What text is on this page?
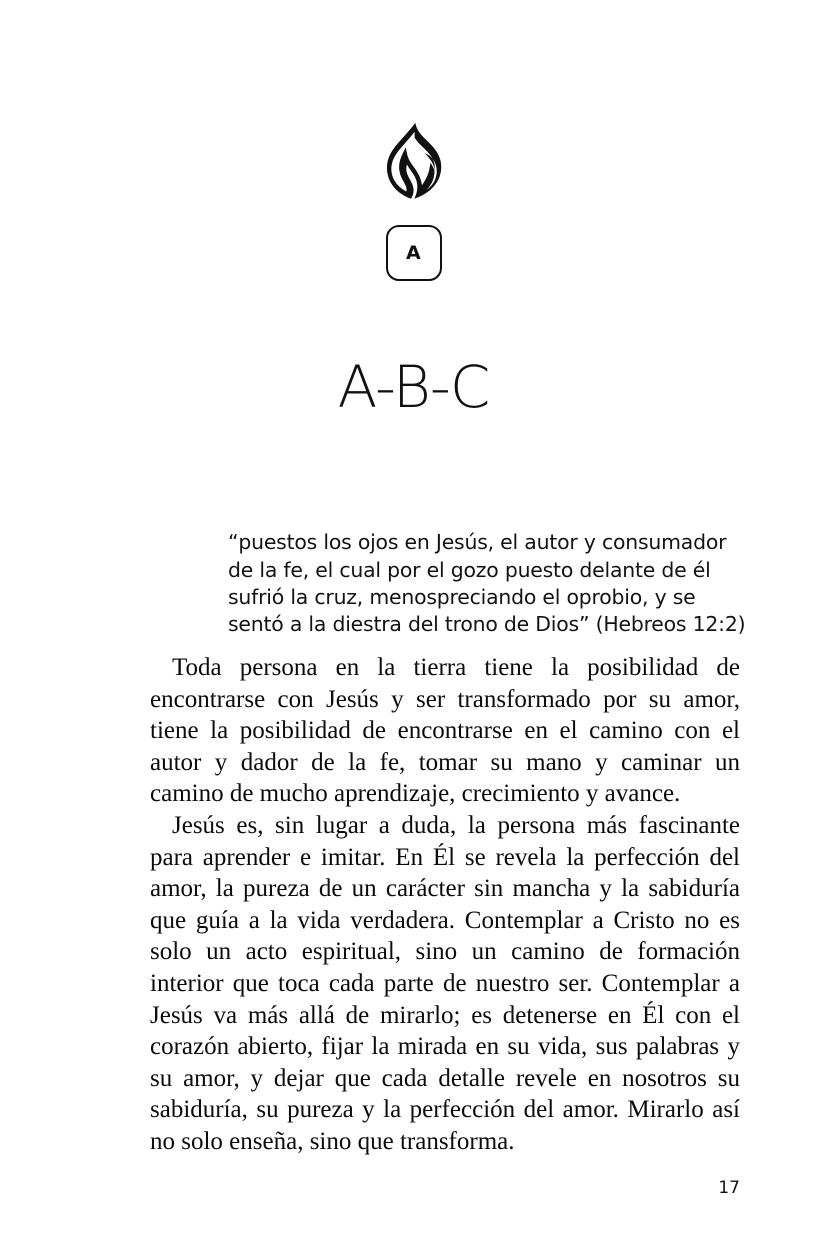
A
A-B-C
“puestos los ojos en Jesús, el autor y consumador de la fe, el cual por el gozo puesto delante de él sufrió la cruz, menospreciando el oprobio, y se sentó a la diestra del trono de Dios” (Hebreos 12:2)

Toda persona en la tierra tiene la posibilidad de encontrarse con Jesús y ser transformado por su amor, tiene la posibilidad de encontrarse en el camino con el autor y dador de la fe, tomar su mano y caminar un camino de mucho aprendizaje, crecimiento y avance.

Jesús es, sin lugar a duda, la persona más fascinante para aprender e imitar. En Él se revela la perfección del amor, la pureza de un carácter sin mancha y la sabiduría que guía a la vida verdadera. Contemplar a Cristo no es solo un acto espiritual, sino un camino de formación interior que toca cada parte de nuestro ser. Contemplar a Jesús va más allá de mirarlo; es detenerse en Él con el corazón abierto, fijar la mirada en su vida, sus palabras y su amor, y dejar que cada detalle revele en nosotros su sabiduría, su pureza y la perfección del amor. Mirarlo así no solo enseña, sino que transforma.

17
